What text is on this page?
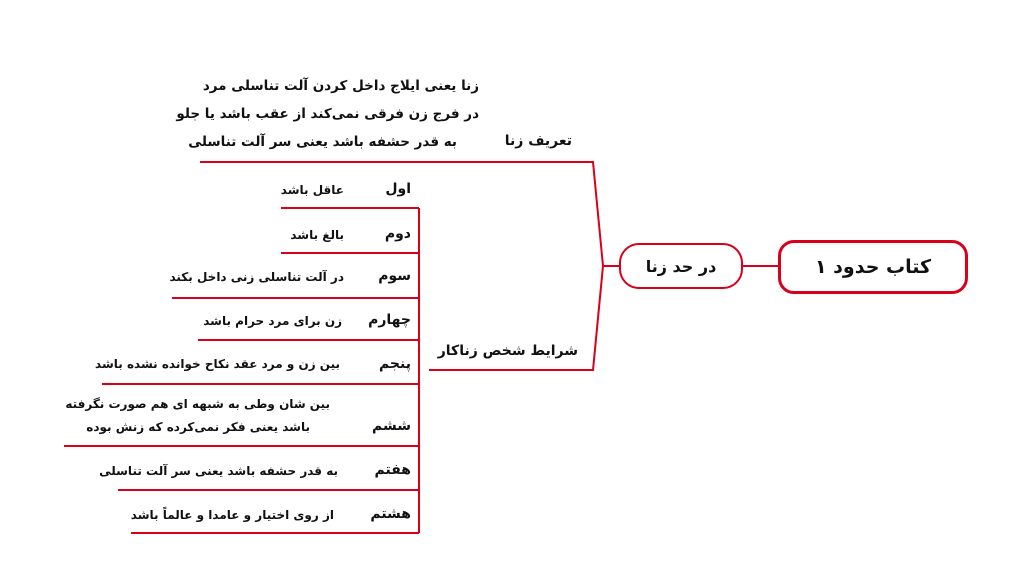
کتاب حدود ۱
در حد زنا
زنا یعنی ایلاج داخل کردن آلت تناسلی مرد
در فرج زن فرقی نمی‌کند از عقب باشد یا جلو
به قدر حشفه باشد یعنی سر آلت تناسلی	تعریف زنا
شرایط شخص زناکار
اول
عاقل باشد
دوم
بالغ باشد
سوم
در آلت تناسلی زنی داخل بکند
چهارم
زن برای مرد حرام باشد
پنجم
بین زن و مرد عقد نکاح خوانده نشده باشد
بین شان وطی به شبهه ای هم صورت نگرفته
ششم
باشد یعنی فکر نمی‌کرده که زنش بوده
هفتم
به قدر حشفه باشد یعنی سر آلت تناسلی
هشتم
از روی اختیار و عامدا و عالماً باشد
